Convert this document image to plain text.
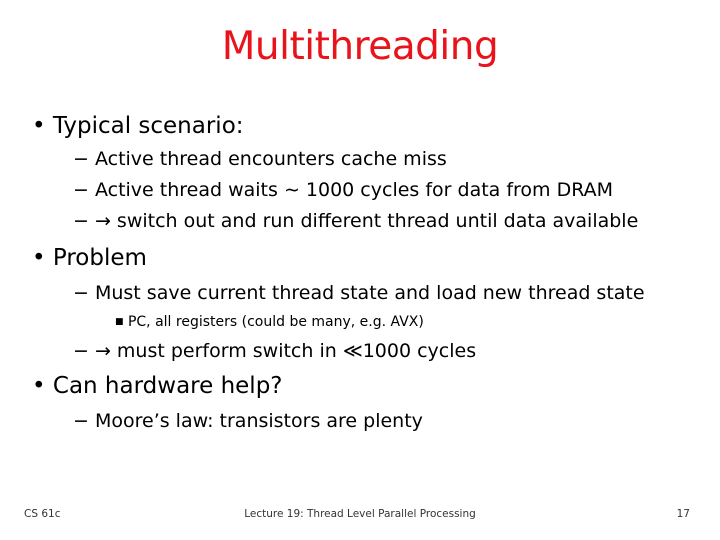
Multithreading
• Typical scenario:
− Active thread encounters cache miss
− Active thread waits ∼ 1000 cycles for data from DRAM
− → switch out and run different thread until data available
• Problem
− Must save current thread state and load new thread state
■ PC, all registers (could be many, e.g. AVX)
− → must perform switch in ≪1000 cycles
• Can hardware help?
− Moore’s law: transistors are plenty
CS 61c	Lecture 19: Thread Level Parallel Processing	17
